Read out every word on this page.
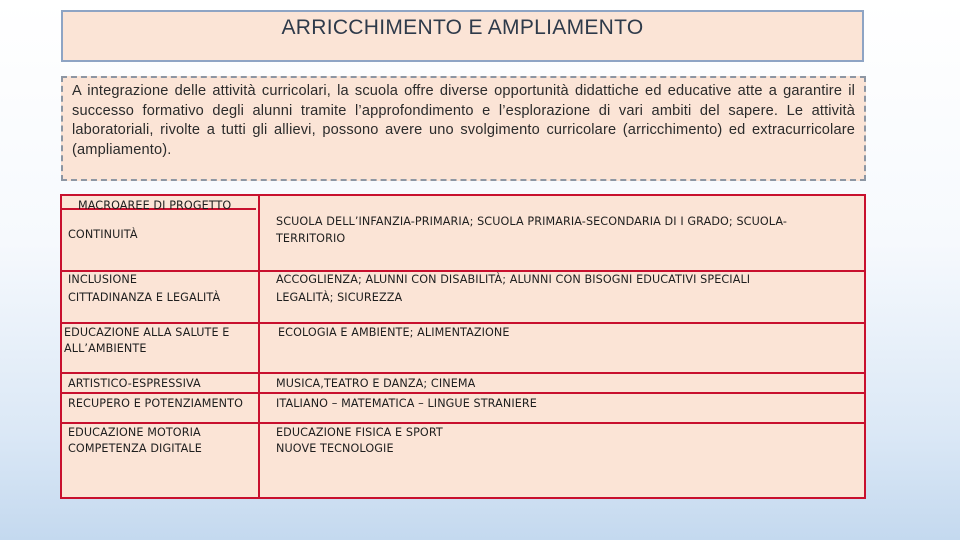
ARRICCHIMENTO E AMPLIAMENTO

A integrazione delle attività curricolari, la scuola offre diverse opportunità didattiche ed educative atte a garantire il successo formativo degli alunni tramite l’approfondimento e l’esplorazione di vari ambiti del sapere. Le attività laboratoriali, rivolte a tutti gli allievi, possono avere uno svolgimento curricolare (arricchimento) ed extracurricolare (ampliamento).

MACROAREE DI PROGETTO
CONTINUITÀ
SCUOLA DELL’INFANZIA-PRIMARIA; SCUOLA PRIMARIA-SECONDARIA DI I GRADO; SCUOLA-
TERRITORIO
INCLUSIONE
CITTADINANZA E LEGALITÀ
ACCOGLIENZA; ALUNNI CON DISABILITÀ; ALUNNI CON BISOGNI EDUCATIVI SPECIALI
LEGALITÀ; SICUREZZA
EDUCAZIONE ALLA SALUTE E
ALL’AMBIENTE
ECOLOGIA E AMBIENTE; ALIMENTAZIONE
ARTISTICO-ESPRESSIVA	MUSICA,TEATRO E DANZA; CINEMA
RECUPERO E POTENZIAMENTO	ITALIANO – MATEMATICA – LINGUE STRANIERE
EDUCAZIONE MOTORIA
COMPETENZA DIGITALE
EDUCAZIONE FISICA E SPORT
NUOVE TECNOLOGIE
